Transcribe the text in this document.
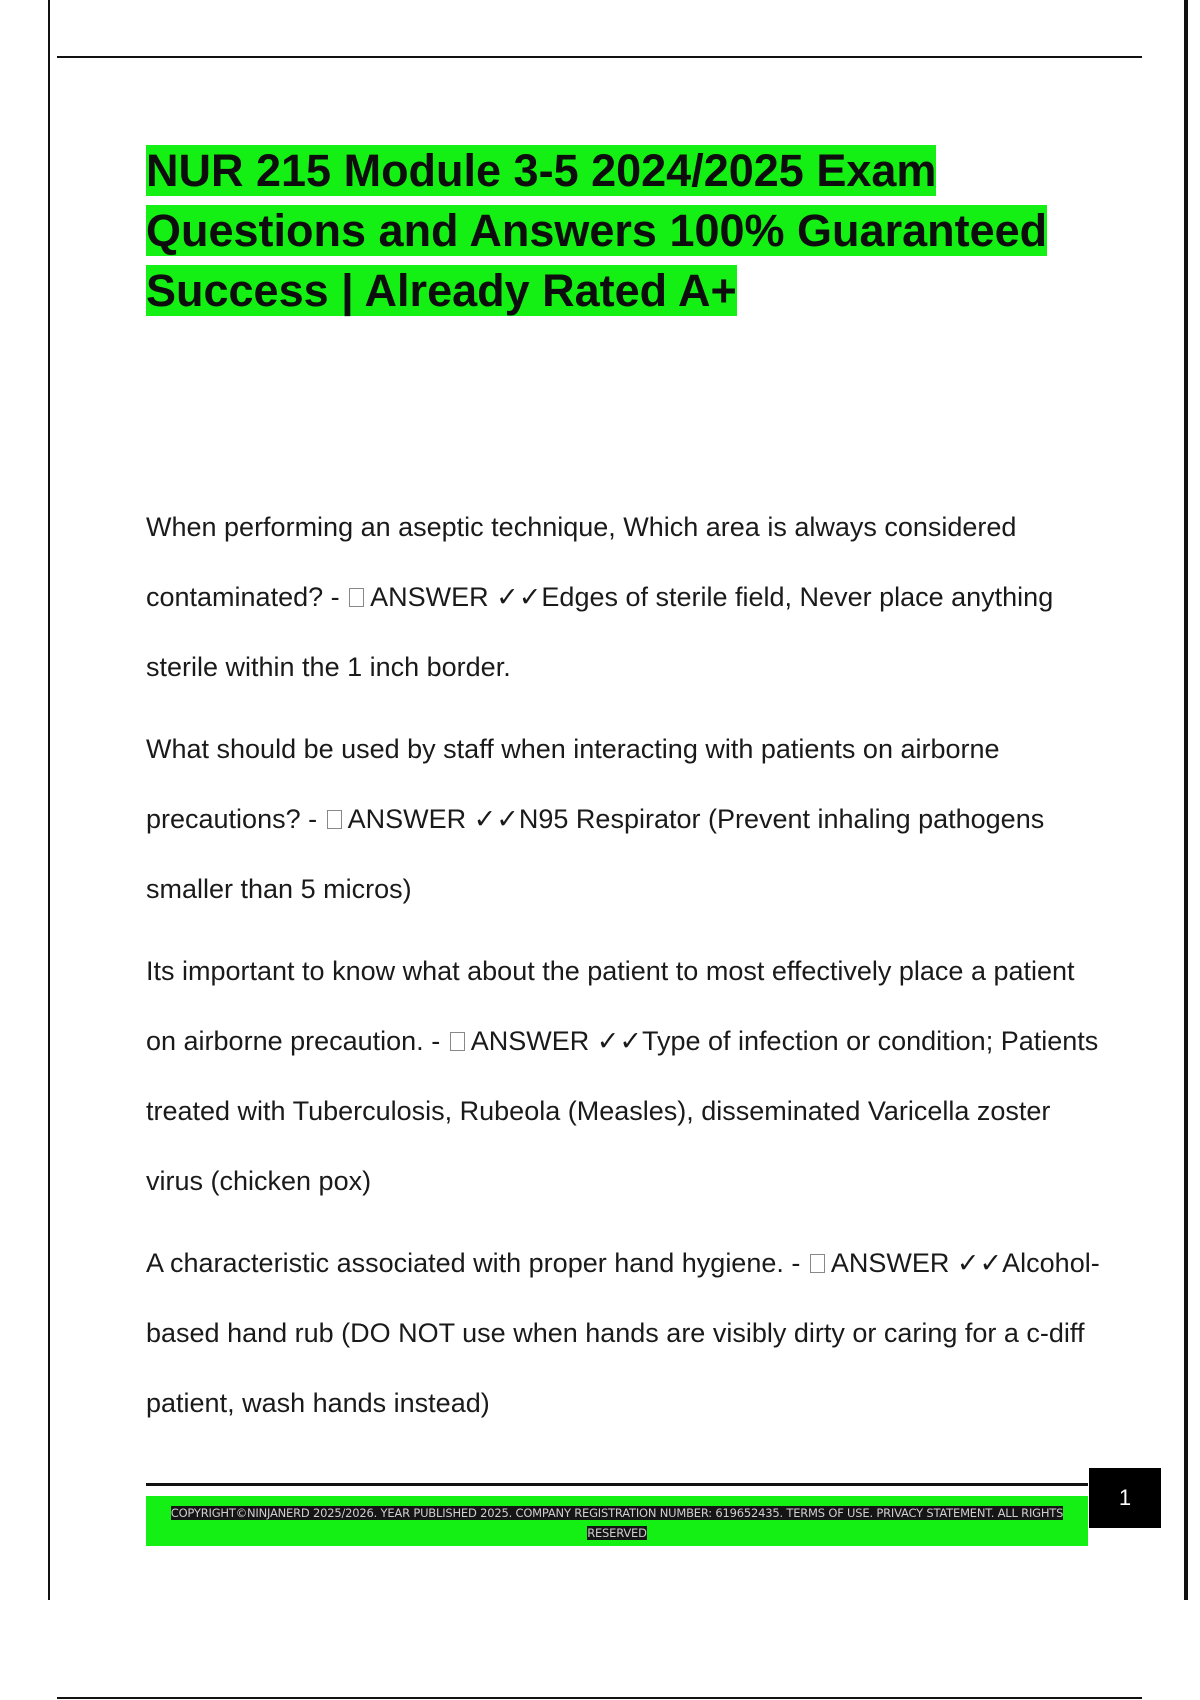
NUR 215 Module 3-5 2024/2025 Exam Questions and Answers 100% Guaranteed Success | Already Rated A+

When performing an aseptic technique, Which area is always considered contaminated? - ANSWER ✓✓Edges of sterile field, Never place anything sterile within the 1 inch border.

What should be used by staff when interacting with patients on airborne precautions? - ANSWER ✓✓N95 Respirator (Prevent inhaling pathogens smaller than 5 micros)

Its important to know what about the patient to most effectively place a patient on airborne precaution. - ANSWER ✓✓Type of infection or condition; Patients treated with Tuberculosis, Rubeola (Measles), disseminated Varicella zoster virus (chicken pox)

A characteristic associated with proper hand hygiene. - ANSWER ✓✓Alcohol-based hand rub (DO NOT use when hands are visibly dirty or caring for a c-diff patient, wash hands instead)

COPYRIGHT©NINJANERD 2025/2026. YEAR PUBLISHED 2025. COMPANY REGISTRATION NUMBER: 619652435. TERMS OF USE. PRIVACY STATEMENT. ALL RIGHTS RESERVED
1
